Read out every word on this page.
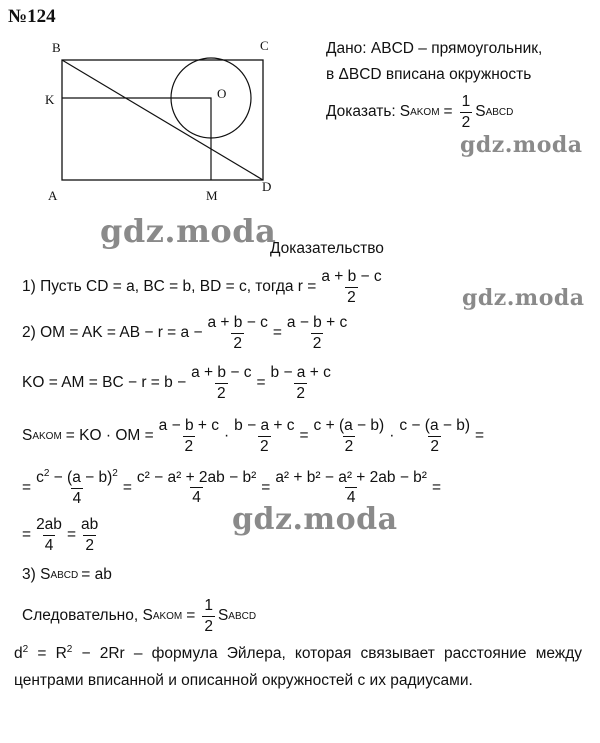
№124
B	C
K	O
A	M
D
Дано: ABCD – прямоугольник,
в ΔBCD вписана окружность
Доказать: S AKOM = $\frac{1}{2}$ S ABCD
gdz.moda
gdz.moda
gdz.moda
gdz.moda
Доказательство
1) Пусть CD = a, BC = b, BD = c, тогда $r = \frac{a + b - c}{2}$
2) OM = AK = AB − $r = a - \frac{a + b - c}{2} = \frac{a - b + c}{2}$
KO = AM = BC − $r = b - \frac{a + b - c}{2} = \frac{b - a + c}{2}$
S AKOM = KO · OM = $\frac{a - b + c}{2} \cdot \frac{b - a + c}{2} = \frac{c + (a - b)}{2} \cdot \frac{c - (a - b)}{2}$ =
= $\frac{c^2 - (a - b)^2}{4} = \frac{\text{c² − a² + 2ab − b²}}{4} = \frac{\text{a² + b² − a² + 2ab − b²}}{4}$ =
= $\frac{2ab}{4} = \frac{ab}{2}$
3) S ABCD = ab
Следовательно, S AKOM = $\frac{1}{2}$ S ABCD
$d^2 = R^2 - 2Rr$ – формула Эйлера, которая связывает расстояние между центрами вписанной и описанной окружностей с их радиусами.
